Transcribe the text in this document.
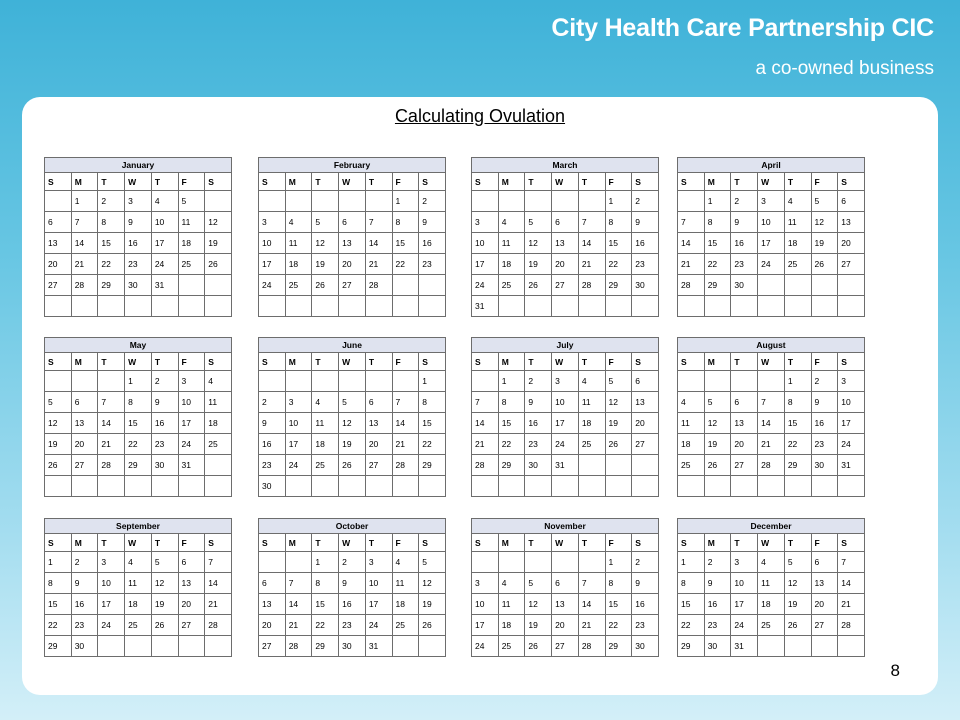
City Health Care Partnership CIC
a co-owned business
Calculating Ovulation
January						
S	M	T	W	T	F	S
	1	2	3	4	5	
6	7	8	9	10	11	12
13	14	15	16	17	18	19
20	21	22	23	24	25	26
27	28	29	30	31		

February						
S	M	T	W	T	F	S
					1	2
3	4	5	6	7	8	9
10	11	12	13	14	15	16
17	18	19	20	21	22	23
24	25	26	27	28		

March						
S	M	T	W	T	F	S
					1	2
3	4	5	6	7	8	9
10	11	12	13	14	15	16
17	18	19	20	21	22	23
24	25	26	27	28	29	30
31						
April						
S	M	T	W	T	F	S
	1	2	3	4	5	6
7	8	9	10	11	12	13
14	15	16	17	18	19	20
21	22	23	24	25	26	27
28	29	30				

May						
S	M	T	W	T	F	S
			1	2	3	4
5	6	7	8	9	10	11
12	13	14	15	16	17	18
19	20	21	22	23	24	25
26	27	28	29	30	31	

June						
S	M	T	W	T	F	S
						1
2	3	4	5	6	7	8
9	10	11	12	13	14	15
16	17	18	19	20	21	22
23	24	25	26	27	28	29
30						
July						
S	M	T	W	T	F	S
	1	2	3	4	5	6
7	8	9	10	11	12	13
14	15	16	17	18	19	20
21	22	23	24	25	26	27
28	29	30	31			

August						
S	M	T	W	T	F	S
				1	2	3
4	5	6	7	8	9	10
11	12	13	14	15	16	17
18	19	20	21	22	23	24
25	26	27	28	29	30	31

September						
S	M	T	W	T	F	S
1	2	3	4	5	6	7
8	9	10	11	12	13	14
15	16	17	18	19	20	21
22	23	24	25	26	27	28
29	30					
October						
S	M	T	W	T	F	S
		1	2	3	4	5
6	7	8	9	10	11	12
13	14	15	16	17	18	19
20	21	22	23	24	25	26
27	28	29	30	31		
November						
S	M	T	W	T	F	S
					1	2
3	4	5	6	7	8	9
10	11	12	13	14	15	16
17	18	19	20	21	22	23
24	25	26	27	28	29	30
December						
S	M	T	W	T	F	S
1	2	3	4	5	6	7
8	9	10	11	12	13	14
15	16	17	18	19	20	21
22	23	24	25	26	27	28
29	30	31				
8
